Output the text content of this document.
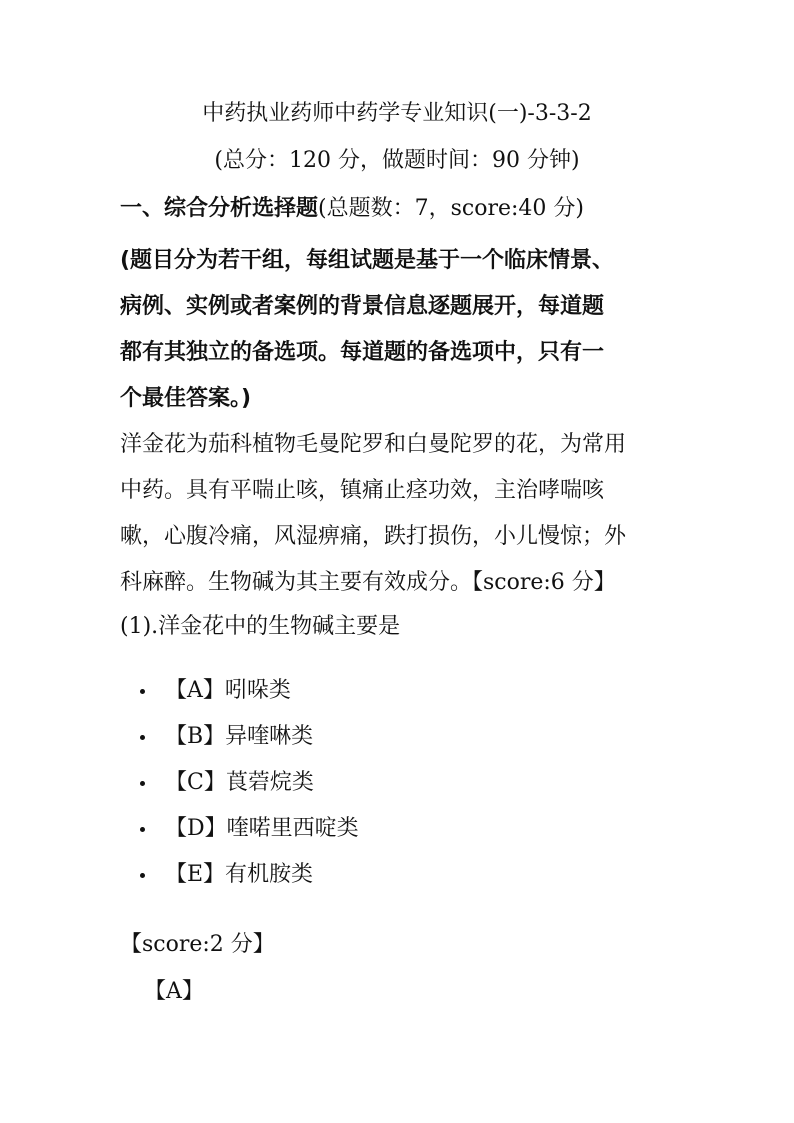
中药执业药师中药学专业知识(一)-3-3-2
(总分：120 分，做题时间：90 分钟)
一、综合分析选择题(总题数：7，score:40 分)
(题目分为若干组，每组试题是基于一个临床情景、
病例、实例或者案例的背景信息逐题展开，每道题
都有其独立的备选项。每道题的备选项中，只有一
个最佳答案。)
洋金花为茄科植物毛曼陀罗和白曼陀罗的花，为常用
中药。具有平喘止咳，镇痛止痉功效，主治哮喘咳
嗽，心腹冷痛，风湿痹痛，跌打损伤，小儿慢惊；外
科麻醉。生物碱为其主要有效成分。【score:6 分】
(1).洋金花中的生物碱主要是
【A】吲哚类
【B】异喹啉类
【C】莨菪烷类
【D】喹喏里西啶类
【E】有机胺类
【score:2 分】
【A】
